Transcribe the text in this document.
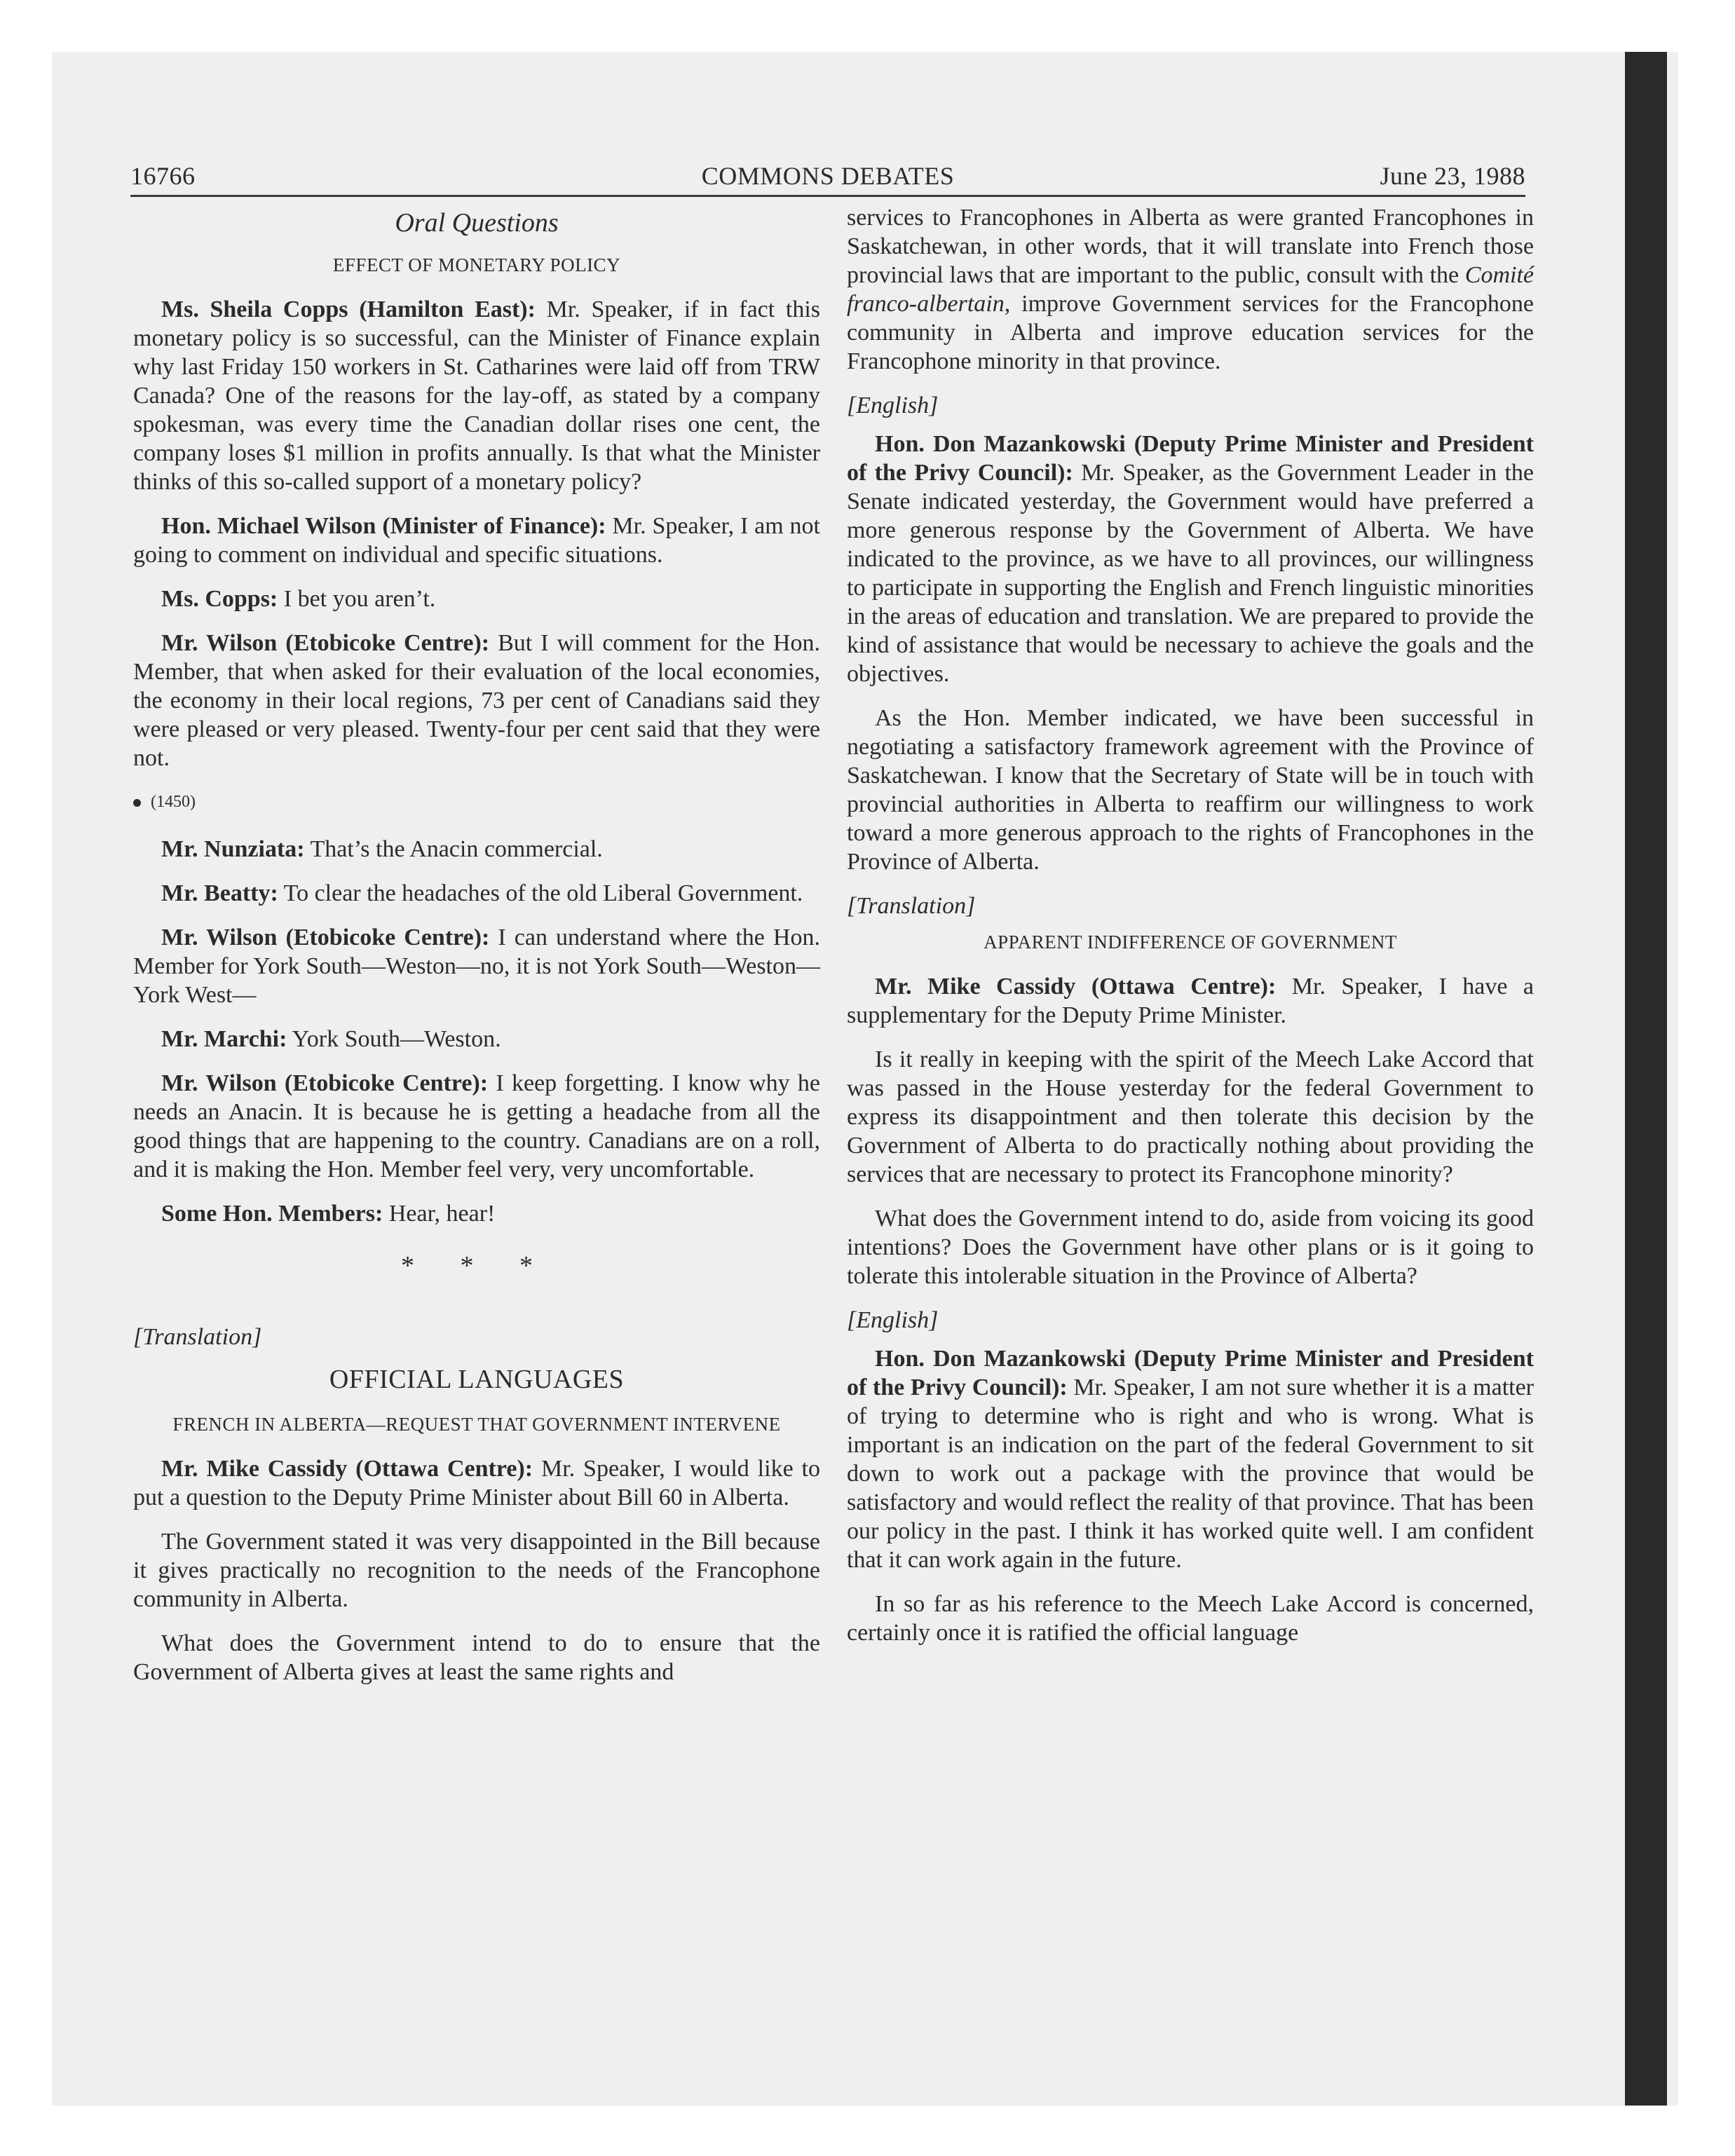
16766	COMMONS DEBATES	June 23, 1988
Oral Questions
EFFECT OF MONETARY POLICY

Ms. Sheila Copps (Hamilton East): Mr. Speaker, if in fact this monetary policy is so successful, can the Minister of Finance explain why last Friday 150 workers in St. Catharines were laid off from TRW Canada? One of the reasons for the lay-off, as stated by a company spokesman, was every time the Canadian dollar rises one cent, the company loses $1 million in profits annually. Is that what the Minister thinks of this so-called support of a monetary policy?

Hon. Michael Wilson (Minister of Finance): Mr. Speaker, I am not going to comment on individual and specific situations.

Ms. Copps: I bet you aren’t.

Mr. Wilson (Etobicoke Centre): But I will comment for the Hon. Member, that when asked for their evaluation of the local economies, the economy in their local regions, 73 per cent of Canadians said they were pleased or very pleased. Twenty-four per cent said that they were not.

(1450)

Mr. Nunziata: That’s the Anacin commercial.

Mr. Beatty: To clear the headaches of the old Liberal Government.

Mr. Wilson (Etobicoke Centre): I can understand where the Hon. Member for York South—Weston—no, it is not York South—Weston—York West—

Mr. Marchi: York South—Weston.

Mr. Wilson (Etobicoke Centre): I keep forgetting. I know why he needs an Anacin. It is because he is getting a headache from all the good things that are happening to the country. Canadians are on a roll, and it is making the Hon. Member feel very, very uncomfortable.

Some Hon. Members: Hear, hear!

* * *
[Translation]
OFFICIAL LANGUAGES
FRENCH IN ALBERTA—REQUEST THAT GOVERNMENT INTERVENE

Mr. Mike Cassidy (Ottawa Centre): Mr. Speaker, I would like to put a question to the Deputy Prime Minister about Bill 60 in Alberta.

The Government stated it was very disappointed in the Bill because it gives practically no recognition to the needs of the Francophone community in Alberta.

What does the Government intend to do to ensure that the Government of Alberta gives at least the same rights and

services to Francophones in Alberta as were granted Francophones in Saskatchewan, in other words, that it will translate into French those provincial laws that are important to the public, consult with the Comité franco-albertain, improve Government services for the Francophone community in Alberta and improve education services for the Francophone minority in that province.

[English]

Hon. Don Mazankowski (Deputy Prime Minister and President of the Privy Council): Mr. Speaker, as the Government Leader in the Senate indicated yesterday, the Government would have preferred a more generous response by the Government of Alberta. We have indicated to the province, as we have to all provinces, our willingness to participate in supporting the English and French linguistic minorities in the areas of education and translation. We are prepared to provide the kind of assistance that would be necessary to achieve the goals and the objectives.

As the Hon. Member indicated, we have been successful in negotiating a satisfactory framework agreement with the Province of Saskatchewan. I know that the Secretary of State will be in touch with provincial authorities in Alberta to reaffirm our willingness to work toward a more generous approach to the rights of Francophones in the Province of Alberta.

[Translation]
APPARENT INDIFFERENCE OF GOVERNMENT

Mr. Mike Cassidy (Ottawa Centre): Mr. Speaker, I have a supplementary for the Deputy Prime Minister.

Is it really in keeping with the spirit of the Meech Lake Accord that was passed in the House yesterday for the federal Government to express its disappointment and then tolerate this decision by the Government of Alberta to do practically nothing about providing the services that are necessary to protect its Francophone minority?

What does the Government intend to do, aside from voicing its good intentions? Does the Government have other plans or is it going to tolerate this intolerable situation in the Province of Alberta?

[English]

Hon. Don Mazankowski (Deputy Prime Minister and President of the Privy Council): Mr. Speaker, I am not sure whether it is a matter of trying to determine who is right and who is wrong. What is important is an indication on the part of the federal Government to sit down to work out a package with the province that would be satisfactory and would reflect the reality of that province. That has been our policy in the past. I think it has worked quite well. I am confident that it can work again in the future.

In so far as his reference to the Meech Lake Accord is concerned, certainly once it is ratified the official language
